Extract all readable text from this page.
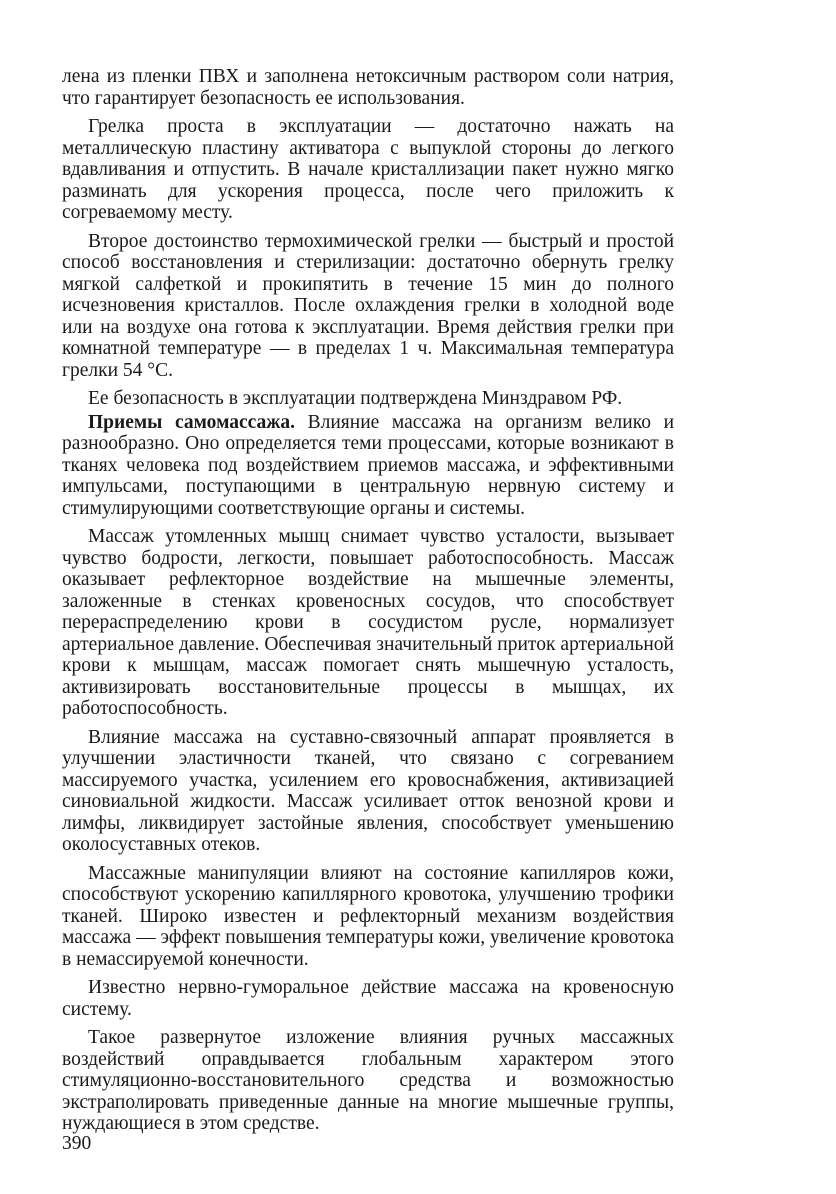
лена из пленки ПВХ и заполнена нетоксичным раствором соли натрия, что гарантирует безопасность ее использования.

Грелка проста в эксплуатации — достаточно нажать на металлическую пластину активатора с выпуклой стороны до легкого вдавливания и отпустить. В начале кристаллизации пакет нужно мягко разминать для ускорения процесса, после чего приложить к согреваемому месту.

Второе достоинство термохимической грелки — быстрый и простой способ восстановления и стерилизации: достаточно обернуть грелку мягкой салфеткой и прокипятить в течение 15 мин до полного исчезновения кристаллов. После охлаждения грелки в холодной воде или на воздухе она готова к эксплуатации. Время действия грелки при комнатной температуре — в пределах 1 ч. Максимальная температура грелки 54 °С.

Ее безопасность в эксплуатации подтверждена Минздравом РФ.

Приемы самомассажа. Влияние массажа на организм велико и разнообразно. Оно определяется теми процессами, которые возникают в тканях человека под воздействием приемов массажа, и эффективными импульсами, поступающими в центральную нервную систему и стимулирующими соответствующие органы и системы.

Массаж утомленных мышц снимает чувство усталости, вызывает чувство бодрости, легкости, повышает работоспособность. Массаж оказывает рефлекторное воздействие на мышечные элементы, заложенные в стенках кровеносных сосудов, что способствует перераспределению крови в сосудистом русле, нормализует артериальное давление. Обеспечивая значительный приток артериальной крови к мышцам, массаж помогает снять мышечную усталость, активизировать восстановительные процессы в мышцах, их работоспособность.

Влияние массажа на суставно-связочный аппарат проявляется в улучшении эластичности тканей, что связано с согреванием массируемого участка, усилением его кровоснабжения, активизацией синовиальной жидкости. Массаж усиливает отток венозной крови и лимфы, ликвидирует застойные явления, способствует уменьшению околосуставных отеков.

Массажные манипуляции влияют на состояние капилляров кожи, способствуют ускорению капиллярного кровотока, улучшению трофики тканей. Широко известен и рефлекторный механизм воздействия массажа — эффект повышения температуры кожи, увеличение кровотока в немассируемой конечности.

Известно нервно-гуморальное действие массажа на кровеносную систему.

Такое развернутое изложение влияния ручных массажных воздействий оправдывается глобальным характером этого стимуляционно-восстановительного средства и возможностью экстраполировать приведенные данные на многие мышечные группы, нуждающиеся в этом средстве.

390
